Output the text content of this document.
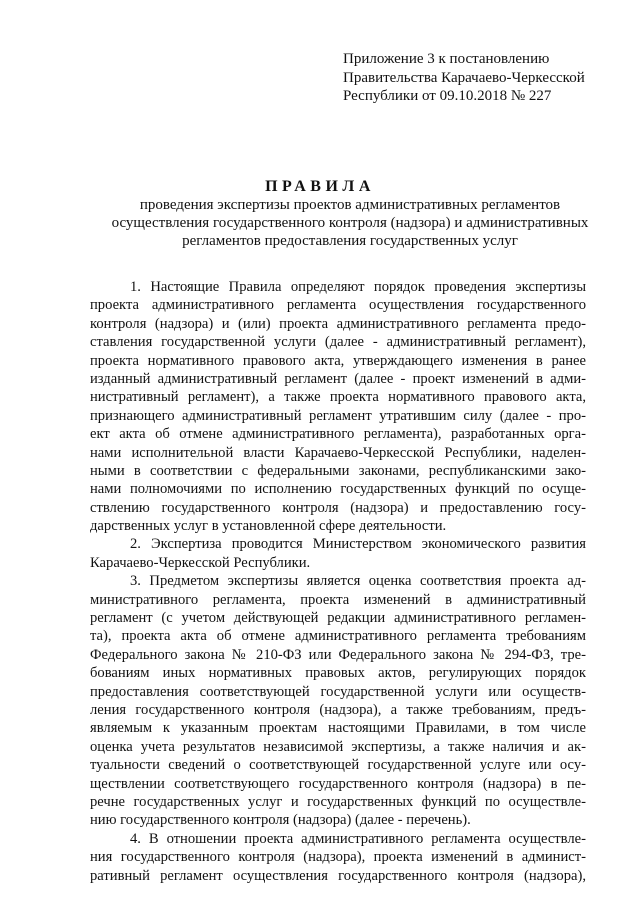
Приложение 3 к постановлению
Правительства Карачаево-Черкесской
Республики от 09.10.2018 № 227
ПРАВИЛА
проведения экспертизы проектов административных регламентов
осуществления государственного контроля (надзора) и административных
регламентов предоставления государственных услуг
1. Настоящие Правила определяют порядок проведения экспертизы
проекта административного регламента осуществления государственного
контроля (надзора) и (или) проекта административного регламента предо-
ставления государственной услуги (далее - административный регламент),
проекта нормативного правового акта, утверждающего изменения в ранее
изданный административный регламент (далее - проект изменений в адми-
нистративный регламент), а также проекта нормативного правового акта,
признающего административный регламент утратившим силу (далее - про-
ект акта об отмене административного регламента), разработанных орга-
нами исполнительной власти Карачаево-Черкесской Республики, наделен-
ными в соответствии с федеральными законами, республиканскими зако-
нами полномочиями по исполнению государственных функций по осуще-
ствлению государственного контроля (надзора) и предоставлению госу-
дарственных услуг в установленной сфере деятельности.
2. Экспертиза проводится Министерством экономического развития
Карачаево-Черкесской Республики.
3. Предметом экспертизы является оценка соответствия проекта ад-
министративного регламента, проекта изменений в административный
регламент (с учетом действующей редакции административного регламен-
та), проекта акта об отмене административного регламента требованиям
Федерального закона № 210-ФЗ или Федерального закона № 294-ФЗ, тре-
бованиям иных нормативных правовых актов, регулирующих порядок
предоставления соответствующей государственной услуги или осуществ-
ления государственного контроля (надзора), а также требованиям, предъ-
являемым к указанным проектам настоящими Правилами, в том числе
оценка учета результатов независимой экспертизы, а также наличия и ак-
туальности сведений о соответствующей государственной услуге или осу-
ществлении соответствующего государственного контроля (надзора) в пе-
речне государственных услуг и государственных функций по осуществле-
нию государственного контроля (надзора) (далее - перечень).
4. В отношении проекта административного регламента осуществле-
ния государственного контроля (надзора), проекта изменений в админист-
ративный регламент осуществления государственного контроля (надзора),
